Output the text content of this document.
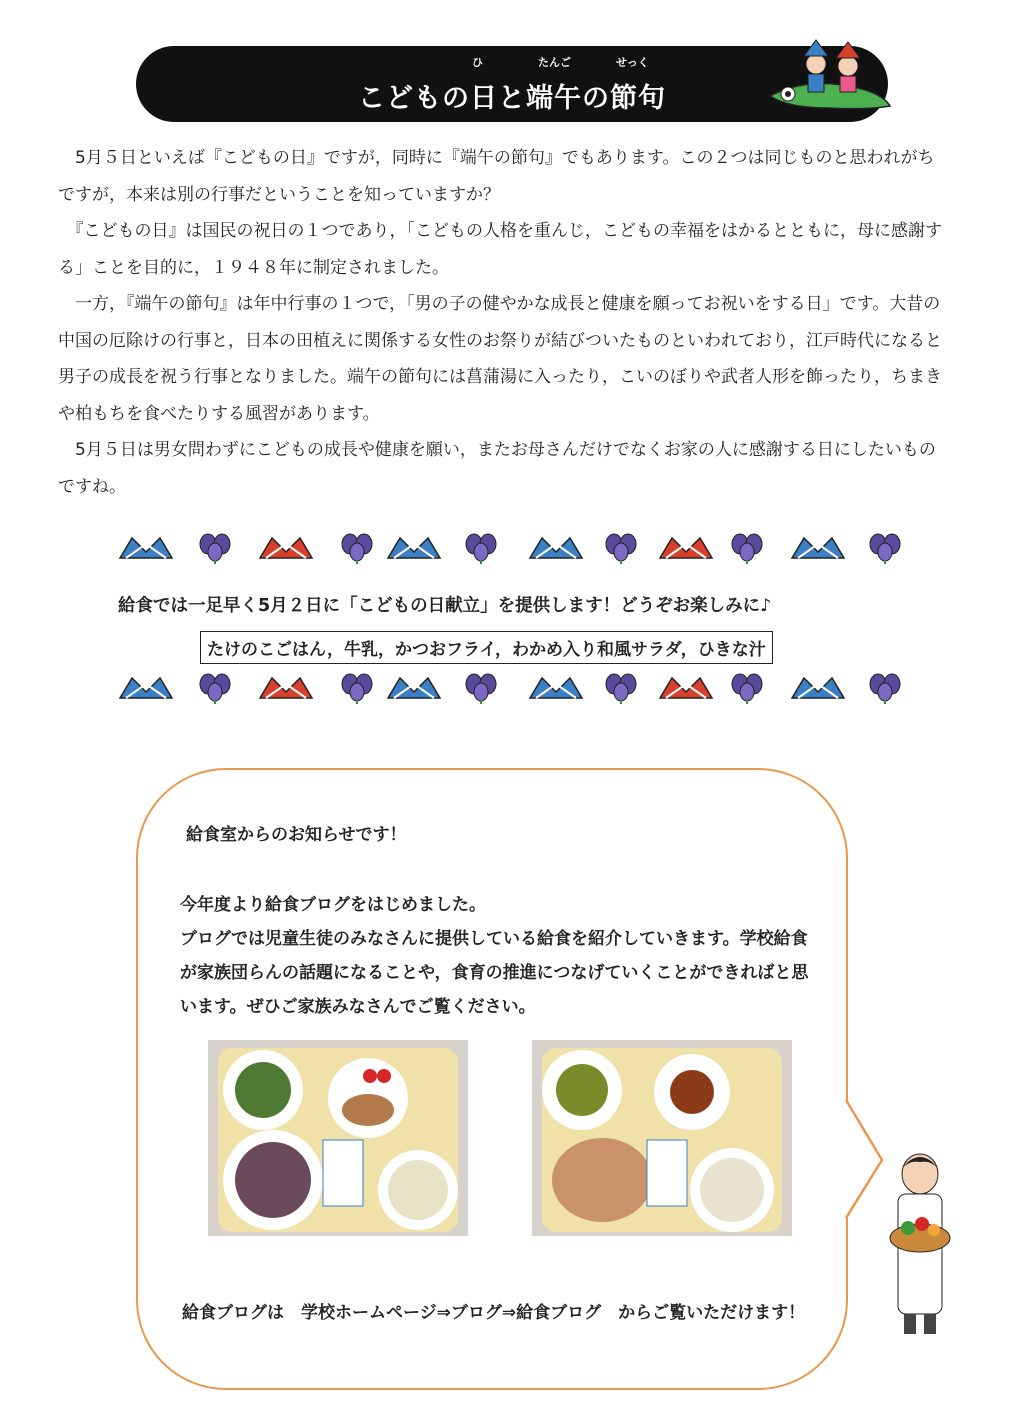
ひ	たんご	せっく
こどもの日と端午の節句

　5月５日といえば『こどもの日』ですが，同時に『端午の節句』でもあります。この２つは同じものと思われがちですが，本来は別の行事だということを知っていますか？

　『こどもの日』は国民の祝日の１つであり，「こどもの人格を重んじ，こどもの幸福をはかるとともに，母に感謝する」ことを目的に，１９４８年に制定されました。

　一方，『端午の節句』は年中行事の１つで，「男の子の健やかな成長と健康を願ってお祝いをする日」です。大昔の中国の厄除けの行事と，日本の田植えに関係する女性のお祭りが結びついたものといわれており，江戸時代になると男子の成長を祝う行事となりました。端午の節句には菖蒲湯に入ったり，こいのぼりや武者人形を飾ったり，ちまきや柏もちを食べたりする風習があります。

　5月５日は男女問わずにこどもの成長や健康を願い，またお母さんだけでなくお家の人に感謝する日にしたいものですね。

給食では一足早く5月２日に「こどもの日献立」を提供します！どうぞお楽しみに♪
たけのこごはん，牛乳，かつおフライ，わかめ入り和風サラダ，ひきな汁
給食室からのお知らせです！

今年度より給食ブログをはじめました。

ブログでは児童生徒のみなさんに提供している給食を紹介していきます。学校給食が家族団らんの話題になることや，食育の推進につなげていくことができればと思います。ぜひご家族みなさんでご覧ください。

給食ブログは　学校ホームページ⇒ブログ⇒給食ブログ　からご覧いただけます！
